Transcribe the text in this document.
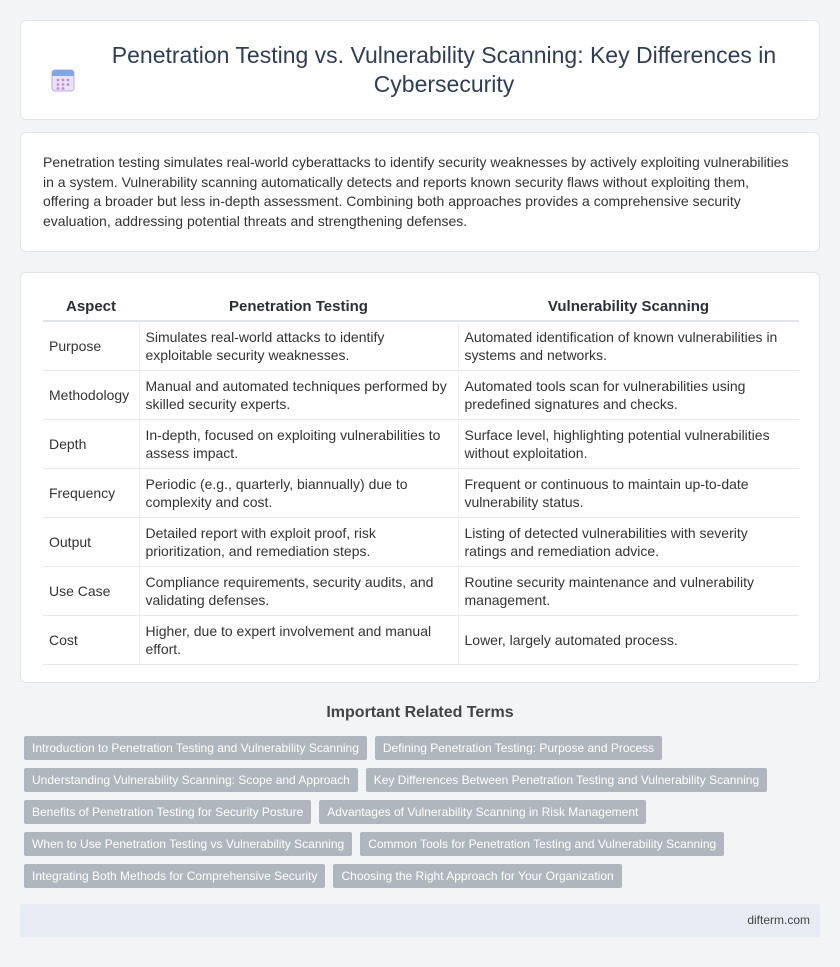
Penetration Testing vs. Vulnerability Scanning: Key Differences in Cybersecurity

Penetration testing simulates real-world cyberattacks to identify security weaknesses by actively exploiting vulnerabilities in a system. Vulnerability scanning automatically detects and reports known security flaws without exploiting them, offering a broader but less in-depth assessment. Combining both approaches provides a comprehensive security evaluation, addressing potential threats and strengthening defenses.

Aspect	Penetration Testing	Vulnerability Scanning
Purpose	Simulates real-world attacks to identify exploitable security weaknesses.	Automated identification of known vulnerabilities in systems and networks.
Methodology	Manual and automated techniques performed by skilled security experts.	Automated tools scan for vulnerabilities using predefined signatures and checks.
Depth	In-depth, focused on exploiting vulnerabilities to assess impact.	Surface level, highlighting potential vulnerabilities without exploitation.
Frequency	Periodic (e.g., quarterly, biannually) due to complexity and cost.	Frequent or continuous to maintain up-to-date vulnerability status.
Output	Detailed report with exploit proof, risk prioritization, and remediation steps.	Listing of detected vulnerabilities with severity ratings and remediation advice.
Use Case	Compliance requirements, security audits, and validating defenses.	Routine security maintenance and vulnerability management.
Cost	Higher, due to expert involvement and manual effort.	Lower, largely automated process.
Important Related Terms
Introduction to Penetration Testing and Vulnerability Scanning	Defining Penetration Testing: Purpose and Process
Understanding Vulnerability Scanning: Scope and Approach	Key Differences Between Penetration Testing and Vulnerability Scanning
Benefits of Penetration Testing for Security Posture	Advantages of Vulnerability Scanning in Risk Management
When to Use Penetration Testing vs Vulnerability Scanning	Common Tools for Penetration Testing and Vulnerability Scanning
Integrating Both Methods for Comprehensive Security	Choosing the Right Approach for Your Organization
difterm.com
